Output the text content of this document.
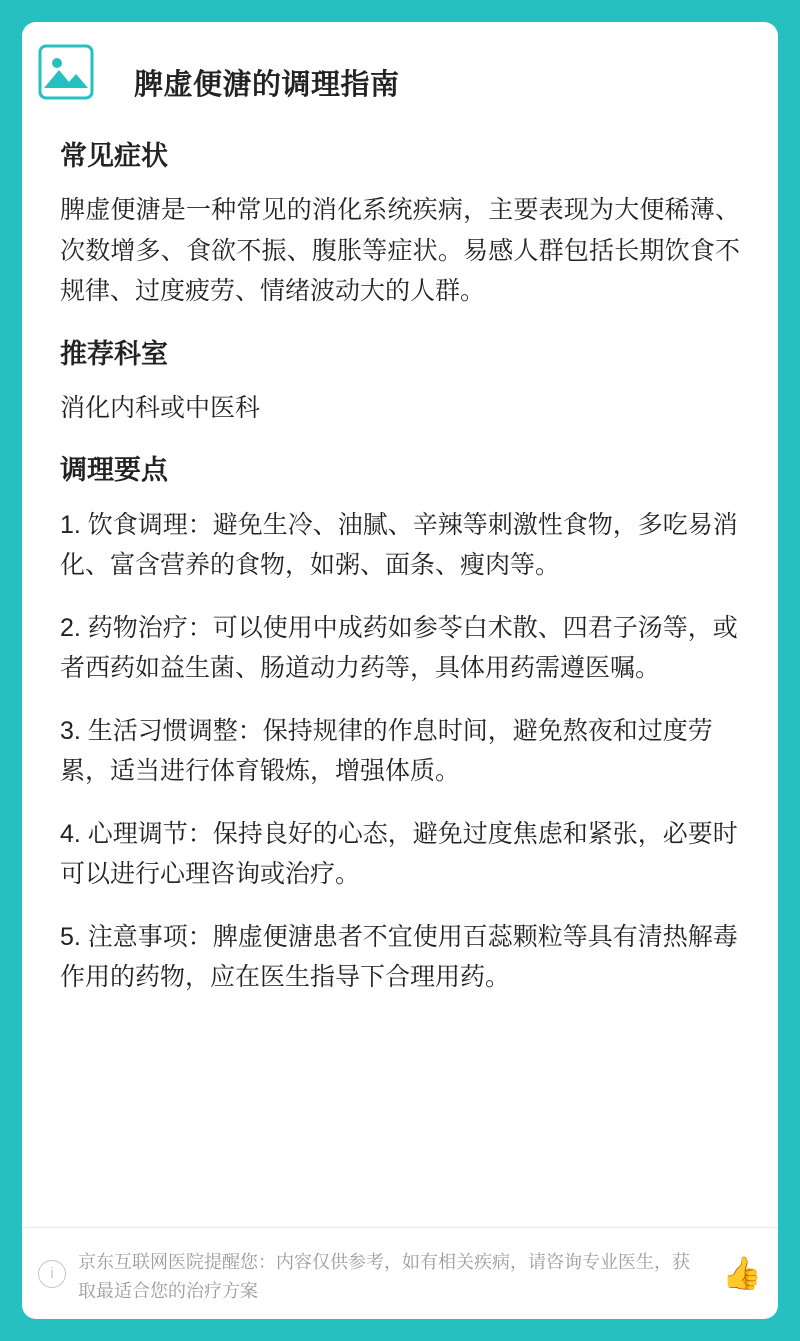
脾虚便溏的调理指南
常见症状

脾虚便溏是一种常见的消化系统疾病，主要表现为大便稀薄、次数增多、食欲不振、腹胀等症状。易感人群包括长期饮食不规律、过度疲劳、情绪波动大的人群。

推荐科室

消化内科或中医科

调理要点

1. 饮食调理：避免生冷、油腻、辛辣等刺激性食物，多吃易消化、富含营养的食物，如粥、面条、瘦肉等。

2. 药物治疗：可以使用中成药如参苓白术散、四君子汤等，或者西药如益生菌、肠道动力药等，具体用药需遵医嘱。

3. 生活习惯调整：保持规律的作息时间，避免熬夜和过度劳累，适当进行体育锻炼，增强体质。

4. 心理调节：保持良好的心态，避免过度焦虑和紧张，必要时可以进行心理咨询或治疗。

5. 注意事项：脾虚便溏患者不宜使用百蕊颗粒等具有清热解毒作用的药物，应在医生指导下合理用药。

i
京东互联网医院提醒您：内容仅供参考，如有相关疾病，请咨询专业医生，获取最适合您的治疗方案	👍
